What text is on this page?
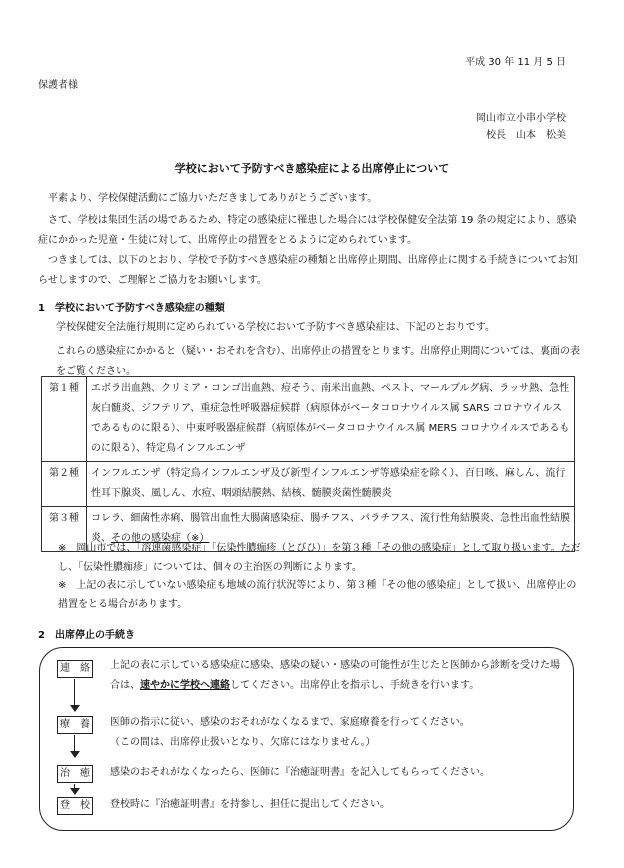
平成 30 年 11 月 5 日
保護者様
岡山市立小串小学校
校長　山本　松美
学校において予防すべき感染症による出席停止について
　平素より、学校保健活動にご協力いただきましてありがとうございます。
　さて、学校は集団生活の場であるため、特定の感染症に罹患した場合には学校保健安全法第 19 条の規定により、感染症にかかった児童・生徒に対して、出席停止の措置をとるように定められています。
　つきましては、以下のとおり、学校で予防すべき感染症の種類と出席停止期間、出席停止に関する手続きについてお知らせしますので、ご理解とご協力をお願いします。
1　学校において予防すべき感染症の種類
学校保健安全法施行規則に定められている学校において予防すべき感染症は、下記のとおりです。
これらの感染症にかかると（疑い・おそれを含む）、出席停止の措置をとります。出席停止期間については、裏面の表をご覧ください。
第１種	エボラ出血熱、クリミア・コンゴ出血熱、痘そう、南米出血熱、ペスト、マールブルグ病、ラッサ熱、急性灰白髄炎、ジフテリア、重症急性呼吸器症候群（病原体がベータコロナウイルス属 SARS コロナウイルスであるものに限る）、中東呼吸器症候群（病原体がベータコロナウイルス属 MERS コロナウイルスであるものに限る）、特定鳥インフルエンザ
第２種	インフルエンザ（特定鳥インフルエンザ及び新型インフルエンザ等感染症を除く）、百日咳、麻しん、流行性耳下腺炎、風しん、水痘、咽頭結膜熱、結核、髄膜炎菌性髄膜炎
第３種	コレラ、細菌性赤痢、腸管出血性大腸菌感染症、腸チフス、パラチフス、流行性角結膜炎、急性出血性結膜炎、その他の感染症（※）
※　岡山市では、「溶連菌感染症」「伝染性膿痂疹（とびひ）」を第３種「その他の感染症」として取り扱います。ただし、「伝染性膿痂疹」については、個々の主治医の判断によります。
※　上記の表に示していない感染症も地域の流行状況等により、第３種「その他の感染症」として扱い、出席停止の措置をとる場合があります。
2　出席停止の手続き
連　絡
療　養
治　癒
登　校
上記の表に示している感染症に感染、感染の疑い・感染の可能性が生じたと医師から診断を受けた場合は、速やかに学校へ連絡してください。出席停止を指示し、手続きを行います。
医師の指示に従い、感染のおそれがなくなるまで、家庭療養を行ってください。
（この間は、出席停止扱いとなり、欠席にはなりません。）
感染のおそれがなくなったら、医師に『治癒証明書』を記入してもらってください。
登校時に『治癒証明書』を持参し、担任に提出してください。
